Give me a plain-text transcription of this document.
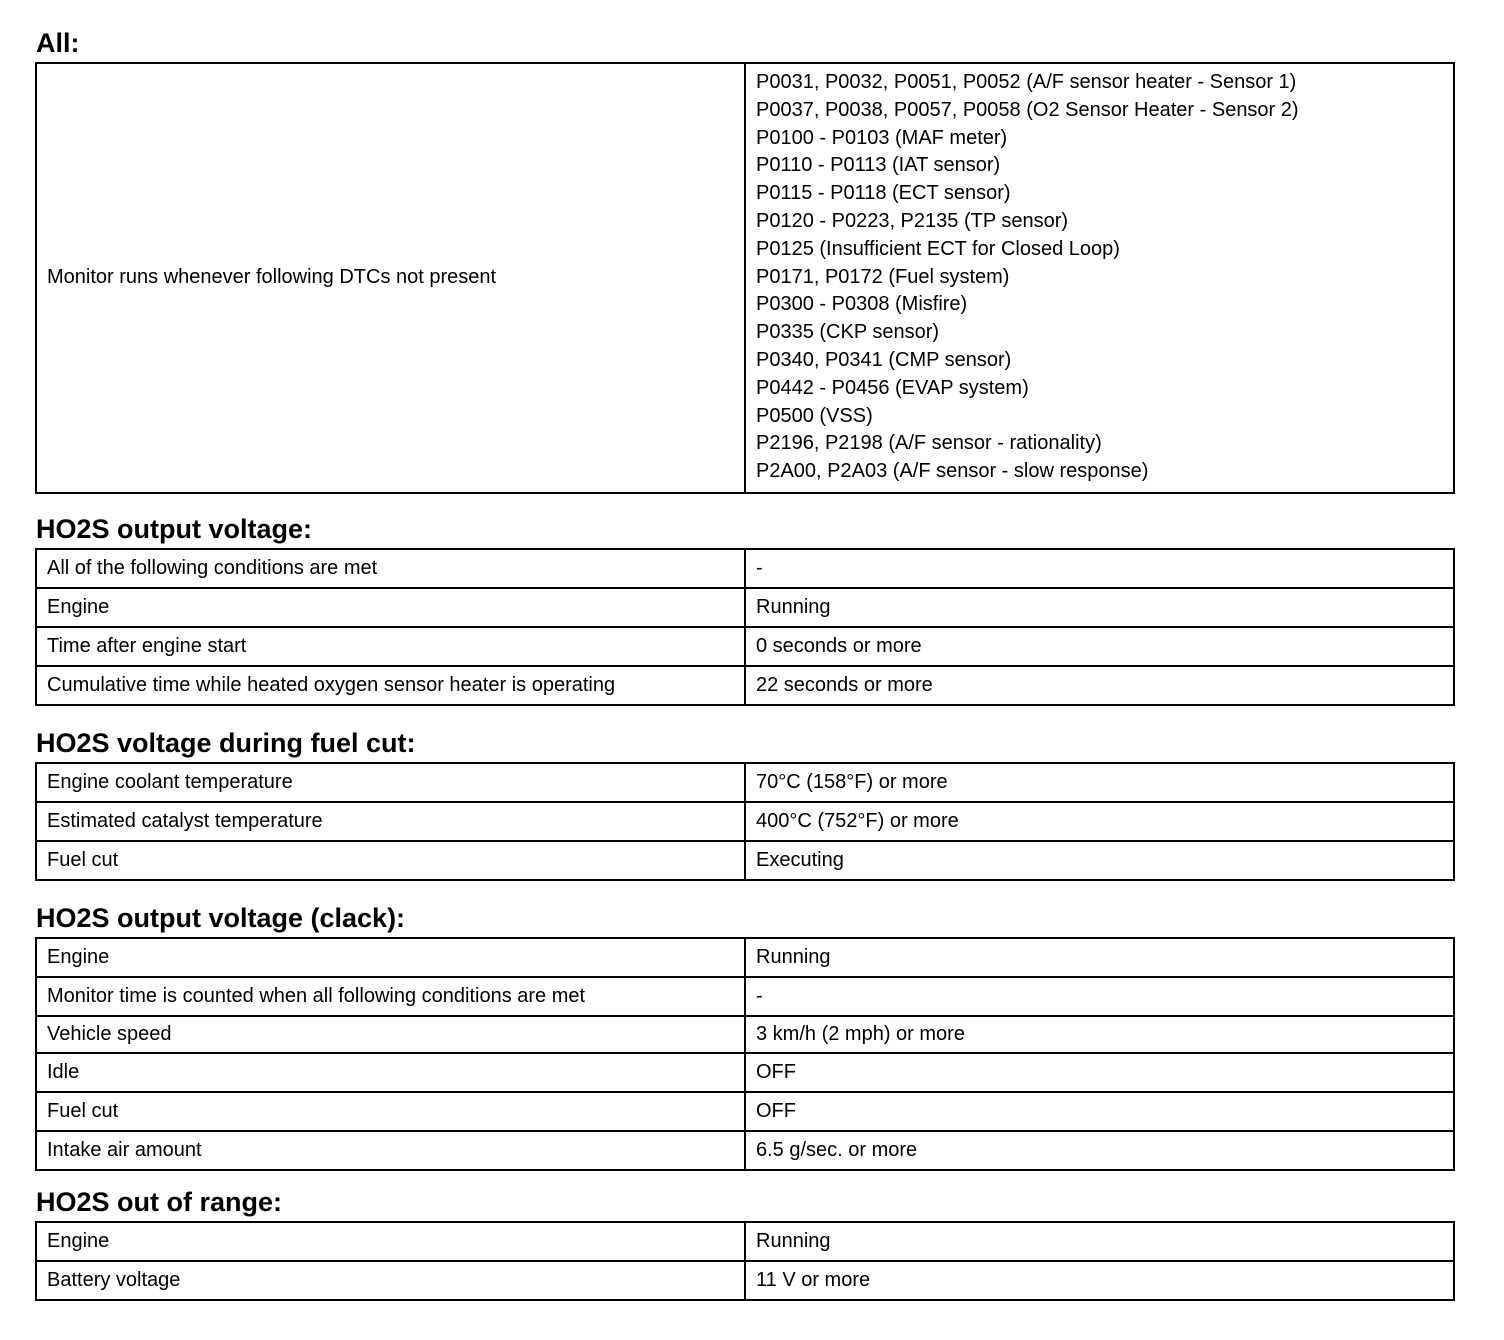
All:
Monitor runs whenever following DTCs not present	
P0031, P0032, P0051, P0052 (A/F sensor heater - Sensor 1)
P0037, P0038, P0057, P0058 (O2 Sensor Heater - Sensor 2)
P0100 - P0103 (MAF meter)
P0110 - P0113 (IAT sensor)
P0115 - P0118 (ECT sensor)
P0120 - P0223, P2135 (TP sensor)
P0125 (Insufficient ECT for Closed Loop)
P0171, P0172 (Fuel system)
P0300 - P0308 (Misfire)
P0335 (CKP sensor)
P0340, P0341 (CMP sensor)
P0442 - P0456 (EVAP system)
P0500 (VSS)
P2196, P2198 (A/F sensor - rationality)
P2A00, P2A03 (A/F sensor - slow response)
HO2S output voltage:
All of the following conditions are met	-
Engine	Running
Time after engine start	0 seconds or more
Cumulative time while heated oxygen sensor heater is operating	22 seconds or more
HO2S voltage during fuel cut:
Engine coolant temperature	70°C (158°F) or more
Estimated catalyst temperature	400°C (752°F) or more
Fuel cut	Executing
HO2S output voltage (clack):
Engine	Running
Monitor time is counted when all following conditions are met	-
Vehicle speed	3 km/h (2 mph) or more
Idle	OFF
Fuel cut	OFF
Intake air amount	6.5 g/sec. or more
HO2S out of range:
Engine	Running
Battery voltage	11 V or more
